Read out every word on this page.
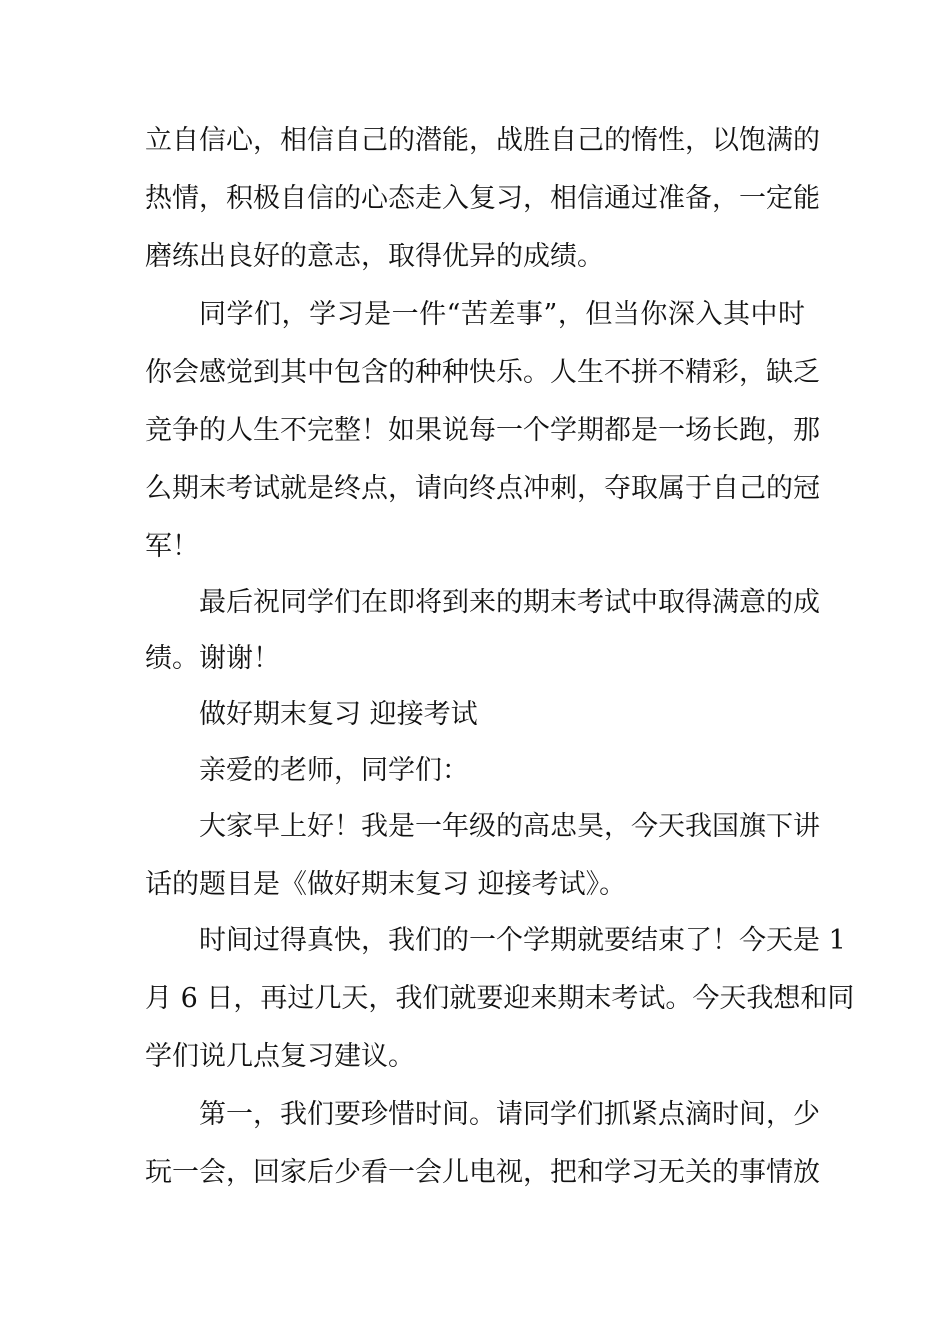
立自信心，相信自己的潜能，战胜自己的惰性，以饱满的
热情，积极自信的心态走入复习，相信通过准备，一定能
磨练出良好的意志，取得优异的成绩。
同学们，学习是一件“苦差事”，但当你深入其中时
你会感觉到其中包含的种种快乐。人生不拼不精彩，缺乏
竞争的人生不完整！如果说每一个学期都是一场长跑，那
么期末考试就是终点，请向终点冲刺，夺取属于自己的冠
军！
最后祝同学们在即将到来的期末考试中取得满意的成
绩。谢谢！
做好期末复习 迎接考试
亲爱的老师，同学们：
大家早上好！我是一年级的高忠昊，今天我国旗下讲
话的题目是《做好期末复习 迎接考试》。
时间过得真快，我们的一个学期就要结束了！今天是 1
月 6 日，再过几天，我们就要迎来期末考试。今天我想和同
学们说几点复习建议。
第一，我们要珍惜时间。请同学们抓紧点滴时间，少
玩一会，回家后少看一会儿电视，把和学习无关的事情放
